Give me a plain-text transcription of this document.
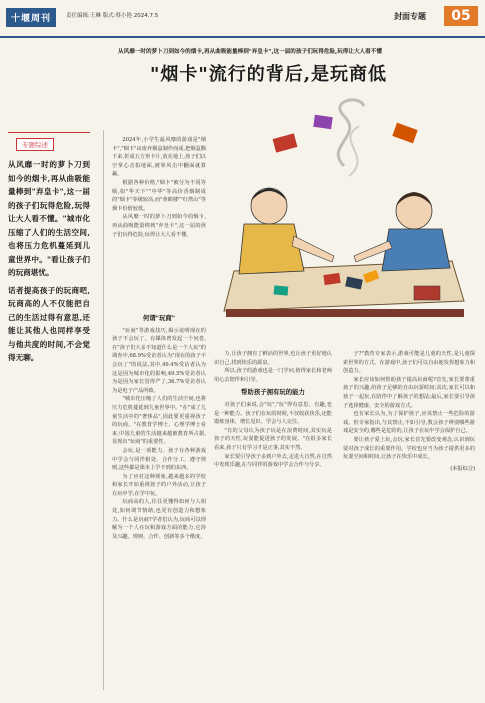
十堰周刊	责任编辑:王琳 版式:蔡小艳 2024.7.5	封面专题	05
从风靡一时的萝卜刀到如今的烟卡,再从曲吸能量棒到"弃皇卡",这一届的孩子们玩得危险,玩得让大人看不懂
"烟卡"流行的背后,是玩商低
专题综述

从风靡一时的萝卜刀到如今的烟卡,再从曲吸能量棒到"弃皇卡",这一届的孩子们玩得危险,玩得让大人看不懂。"城市化压缩了人们的生活空间,也将压力危机蔓延到儿童世界中。"看让孩子们的玩商堪忧。

话者提高孩子的玩商吧,玩商高的人不仅能把自己的生活过得有意思,还能让其他人也同样享受与他共度的时间,不会觉得无聊。

2024年,小学生最风靡的游戏是"烟卡","烟卡"由废弃烟盒制作而成,把烟盒撕下来,折成五方形卡片,放在地上,孩子们以空掌心击拍地面,被掌风击中翻面就算赢。

根据各种价格,"烟卡"被分为不同等级,如"华天下""中华"等高价香烟制成的"烟卡"等级较高,而"黄鹤楼""红塔山"等烟卡价值较低。

从风靡一时的萝卜刀到如今的烟卡,再从曲吸能量棒到"弃皇卡",这一届的孩子们玩得危险,玩得让大人看不懂。

何谓"玩商"

"玩商"等游戏技巧,揭示说明现在的孩子不会玩了。有媒体曾发起一个问卷,在"孩子们大多不知道什么是一个人玩"的调查中,68.9%受访者认为"现在的孩子不会玩了"的说法,其中,49.4%受访者认为这是因为城市化的影响,49.5%受访者认为是因为家长管得严了,36.7%受访者认为是电子产品所致。

"城市化压缩了人们的生活空间,也将压力危机蔓延到儿童世界中。"在"成了儿童生活中的"奢侈品",因此要更重视孩子的玩商。"在教育学博士、心理学博士看来,中国儿童的生活越来越被教育所占据,显现出"玩商"的重要性。

会玩,是一项能力。孩子在各种游戏中学会与同伴相处、合作分工、遵守规则,这些都是课本上学不到的东西。

为了应对这种现象,越来越多的学校和家长开始重视孩子的户外活动,让孩子在玩中学,在学中玩。

玩商高的人,往往更懂得如何与人相处,如何调节情绪,也更有创造力和想象力。什么是玩商?学者们认为,玩商可以理解为一个人在玩和游戏方面的能力,它涉及兴趣、规则、合作、创新等多个维度。

力,让孩子拥有了鲜活的世界,也让孩子更好地认识自己,找到快乐的源泉。

所以,孩子的游戏也是一门学问,值得家长和老师用心去陪伴和引导。

帮助孩子拥有玩的能力

对孩子们来说,会"玩","玩"得有意思、有趣,也是一种能力。孩子们在玩的时候,不仅收获快乐,还能锻炼身体、增长见识、学会与人交往。

"有的父母认为孩子玩是在浪费时间,其实玩是孩子的天性,玩耍能促进孩子的发展。"在很多家长看来,孩子只有学习才是正事,其实不然。

家长要引导孩子多到户外去,走进大自然,在自然中发现乐趣,在与同伴的游戏中学会合作与分享。

子?"教育专家表示,游戏可能是儿童的天性,是儿童探索世界的方式。在游戏中,孩子们可以自由地发挥想象力和创造力。

家长应该如何帮助孩子提高玩商呢?首先,家长要尊重孩子的兴趣,给孩子足够的自由玩耍时间;其次,家长可以和孩子一起玩,在陪伴中了解孩子的想法;最后,家长要引导孩子选择健康、安全的游戏方式。

也有家长认为,为了保护孩子,应该禁止一些危险的游戏。但专家指出,与其禁止,不如引导,教会孩子辨别哪些游戏是安全的,哪些是危险的,让孩子在玩中学会保护自己。

要让孩子爱上玩,会玩,家长首先要改变观念,认识到玩耍对孩子成长的重要作用。学校也应当为孩子提供更多的玩耍空间和时间,让孩子在快乐中成长。

(本报综合)
